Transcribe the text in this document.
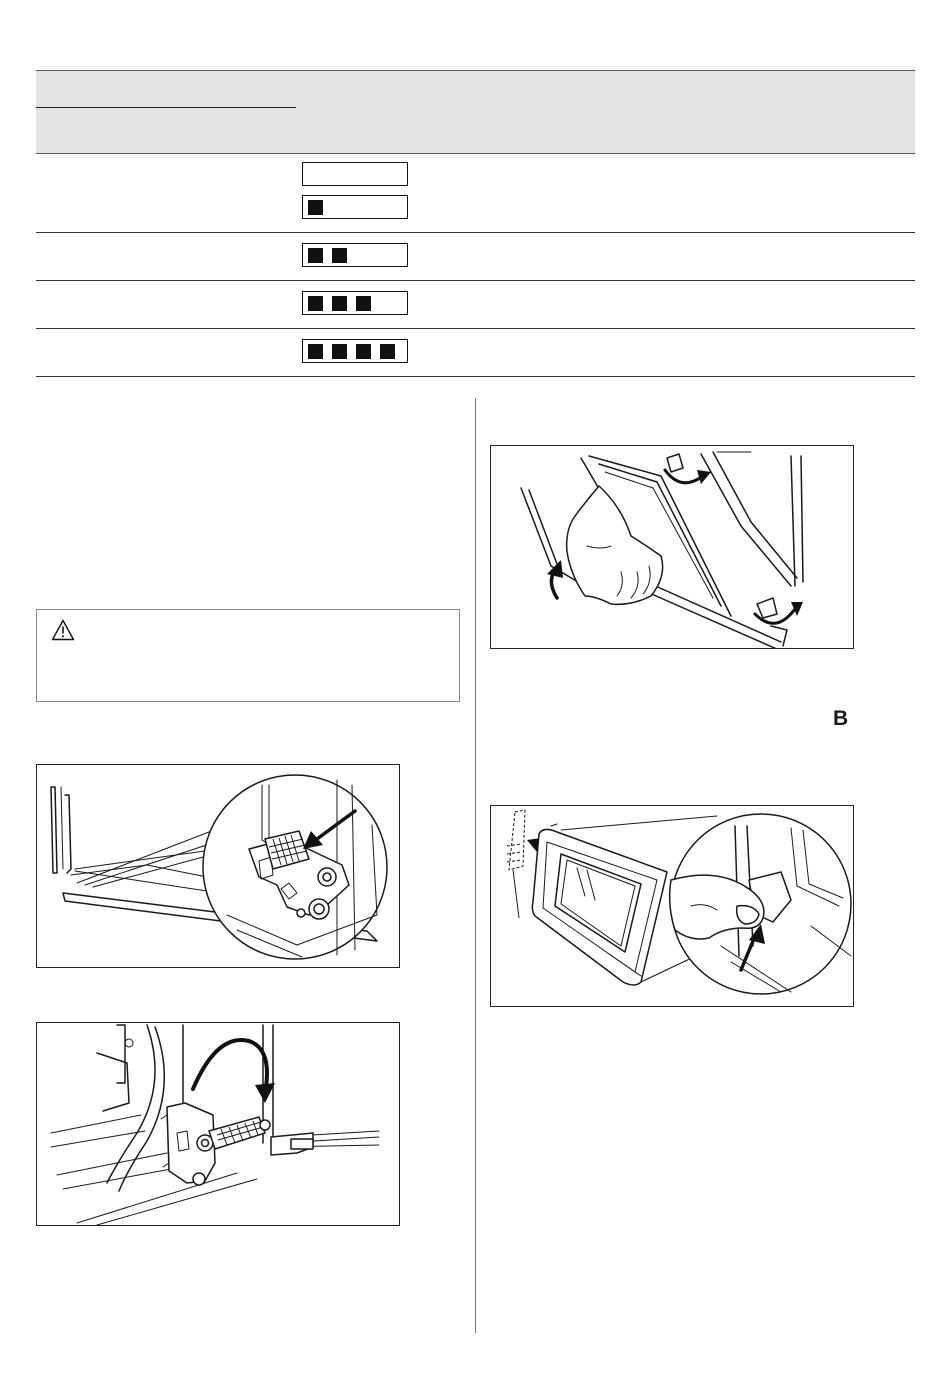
B
